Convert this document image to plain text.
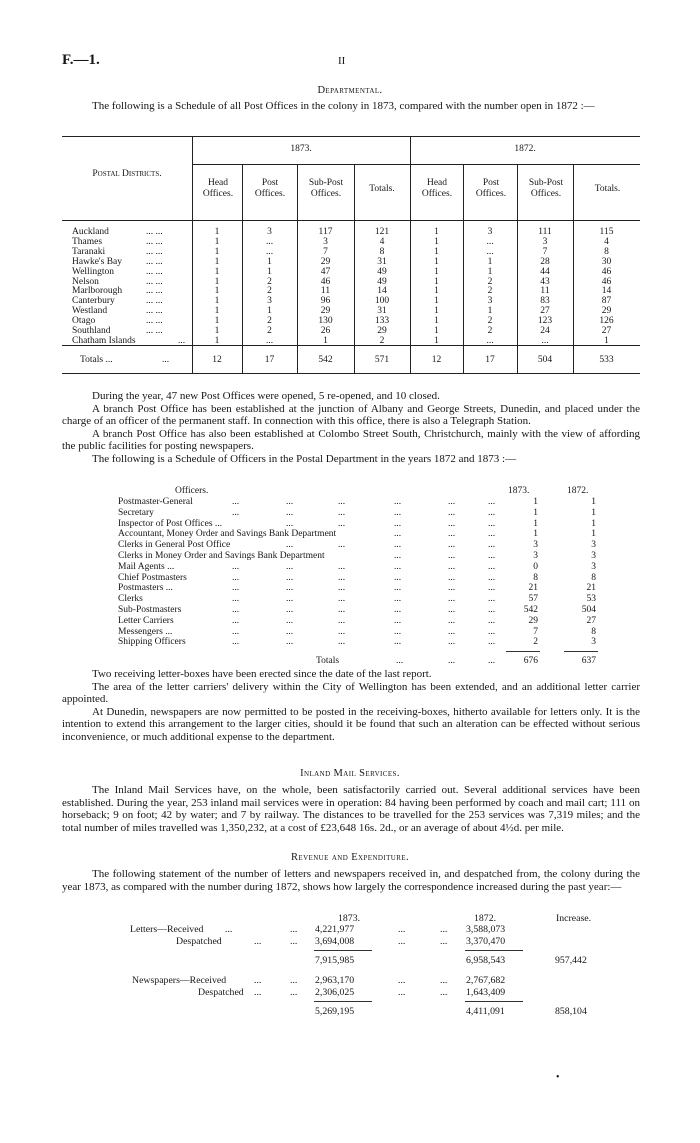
F.—1.	II
Departmental.
The following is a Schedule of all Post Offices in the colony in 1873, compared with the number open in 1872 :—
Postal Districts.
1873.	1872.
Head Offices.
Post Offices.
Sub-Post Offices.	Totals.
Head Offices.
Post Offices.
Sub-Post Offices.	Totals.
Auckland	... ...	1	3	117	121	1	3	111	115
Thames	... ...	1	...	3	4	1	...	3	4
Taranaki	... ...	1	...	7	8	1	...	7	8
Hawke's Bay	... ...	1	1	29	31	1	1	28	30
Wellington	... ...	1	1	47	49	1	1	44	46
Nelson	... ...	1	2	46	49	1	2	43	46
Marlborough	... ...	1	2	11	14	1	2	11	14
Canterbury	... ...	1	3	96	100	1	3	83	87
Westland	... ...	1	1	29	31	1	1	27	29
Otago	... ...	1	2	130	133	1	2	123	126
Southland	... ...	1	2	26	29	1	2	24	27
Chatham Islands	...	1	...	1	2	1	...	...	1
Totals ...	...	12	17	542	571	12	17	504	533
During the year, 47 new Post Offices were opened, 5 re-opened, and 10 closed.
A branch Post Office has been established at the junction of Albany and George Streets, Dunedin, and placed under the charge of an officer of the permanent staff. In connection with this office, there is also a Telegraph Station.
A branch Post Office has also been established at Colombo Street South, Christchurch, mainly with the view of affording the public facilities for posting newspapers.
The following is a Schedule of Officers in the Postal Department in the years 1872 and 1873 :—
Officers.	1873.	1872.
Postmaster-General	...	...	...	...	...	...	1	1
Secretary	...	...	...	...	...	...	1	1
Inspector of Post Offices ...	...	...	...	...	...	1	1
Accountant, Money Order and Savings Bank Department	...	...	...	1	1
Clerks in General Post Office	...	...	...	...	...	3	3
Clerks in Money Order and Savings Bank Department	...	...	...	3	3
Mail Agents ...	...	...	...	...	...	...	0	3
Chief Postmasters	...	...	...	...	...	...	8	8
Postmasters ...	...	...	...	...	...	...	21	21
Clerks	...	...	...	...	...	...	57	53
Sub-Postmasters	...	...	...	...	...	...	542	504
Letter Carriers	...	...	...	...	...	...	29	27
Messengers ...	...	...	...	...	...	...	7	8
Shipping Officers	...	...	...	...	...	...	2	3
Totals	...	...	...	676	637
Two receiving letter-boxes have been erected since the date of the last report.
The area of the letter carriers' delivery within the City of Wellington has been extended, and an additional letter carrier appointed.
At Dunedin, newspapers are now permitted to be posted in the receiving-boxes, hitherto available for letters only. It is the intention to extend this arrangement to the larger cities, should it be found that such an alteration can be effected without serious inconvenience, or much additional expense to the department.
Inland Mail Services.
The Inland Mail Services have, on the whole, been satisfactorily carried out. Several additional services have been established. During the year, 253 inland mail services were in operation: 84 having been performed by coach and mail cart; 111 on horseback; 9 on foot; 42 by water; and 7 by railway. The distances to be travelled for the 253 services was 7,319 miles; and the total number of miles travelled was 1,350,232, at a cost of £23,648 16s. 2d., or an average of about 4½d. per mile.
Revenue and Expenditure.
The following statement of the number of letters and newspapers received in, and despatched from, the colony during the year 1873, as compared with the number during 1872, shows how largely the correspondence increased during the past year:—
1873.	1872.	Increase.
Letters—Received ...	... 4,221,977	...	... 3,588,073
Despatched	...	... 3,694,008	...	... 3,370,470
7,915,985	6,958,543	957,442
Newspapers—Received	...	... 2,963,170	...	... 2,767,682
Despatched ...	... 2,306,025	...	... 1,643,409
5,269,195	4,411,091	858,104
•
